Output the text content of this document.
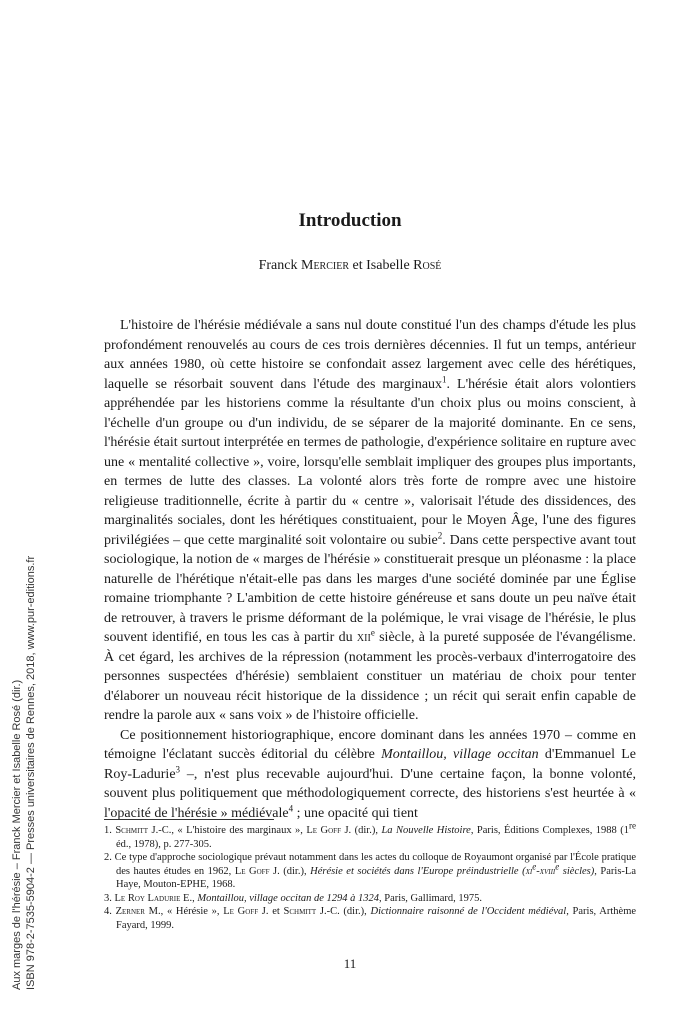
Aux marges de l'hérésie – Franck Mercier et Isabelle Rosé (dir.) ISBN 978-2-7535-5904-2 — Presses universitaires de Rennes, 2018, www.pur-editions.fr
Introduction
Franck Mercier et Isabelle Rosé

L'histoire de l'hérésie médiévale a sans nul doute constitué l'un des champs d'étude les plus profondément renouvelés au cours de ces trois dernières décennies. Il fut un temps, antérieur aux années 1980, où cette histoire se confondait assez largement avec celle des hérétiques, laquelle se résorbait souvent dans l'étude des marginaux$^1$. L'hérésie était alors volontiers appréhendée par les historiens comme la résultante d'un choix plus ou moins conscient, à l'échelle d'un groupe ou d'un individu, de se séparer de la majorité dominante. En ce sens, l'hérésie était surtout interprétée en termes de pathologie, d'expérience solitaire en rupture avec une « mentalité collective », voire, lorsqu'elle semblait impliquer des groupes plus importants, en termes de lutte des classes. La volonté alors très forte de rompre avec une histoire religieuse traditionnelle, écrite à partir du « centre », valorisait l'étude des dissidences, des marginalités sociales, dont les hérétiques constituaient, pour le Moyen Âge, l'une des figures privilégiées – que cette marginalité soit volontaire ou subie$^2$. Dans cette perspective avant tout sociologique, la notion de « marges de l'hérésie » constituerait presque un pléonasme : la place naturelle de l'hérétique n'était-elle pas dans les marges d'une société dominée par une Église romaine triomphante ? L'ambition de cette histoire généreuse et sans doute un peu naïve était de retrouver, à travers le prisme déformant de la polémique, le vrai visage de l'hérésie, le plus souvent identifié, en tous les cas à partir du xii$^e$ siècle, à la pureté supposée de l'évangélisme. À cet égard, les archives de la répression (notamment les procès-verbaux d'interrogatoire des personnes suspectées d'hérésie) semblaient constituer un matériau de choix pour tenter d'élaborer un nouveau récit historique de la dissidence ; un récit qui serait enfin capable de rendre la parole aux « sans voix » de l'histoire officielle.

Ce positionnement historiographique, encore dominant dans les années 1970 – comme en témoigne l'éclatant succès éditorial du célèbre Montaillou, village occitan d'Emmanuel Le Roy-Ladurie$^3$ –, n'est plus recevable aujourd'hui. D'une certaine façon, la bonne volonté, souvent plus politiquement que méthodologiquement correcte, des historiens s'est heurtée à « l'opacité de l'hérésie » médiévale$^4$ ; une opacité qui tient

1. Schmitt J.-C., « L'histoire des marginaux », Le Goff J. (dir.), La Nouvelle Histoire, Paris, Éditions Complexes, 1988 (1re éd., 1978), p. 277-305.

2. Ce type d'approche sociologique prévaut notamment dans les actes du colloque de Royaumont organisé par l'École pratique des hautes études en 1962, Le Goff J. (dir.), Hérésie et sociétés dans l'Europe préindustrielle ($xi^e-xviii^e$ siècles), Paris-La Haye, Mouton-EPHE, 1968.

3. Le Roy Ladurie E., Montaillou, village occitan de 1294 à 1324, Paris, Gallimard, 1975.

4. Zerner M., « Hérésie », Le Goff J. et Schmitt J.-C. (dir.), Dictionnaire raisonné de l'Occident médiéval, Paris, Arthème Fayard, 1999.

11
